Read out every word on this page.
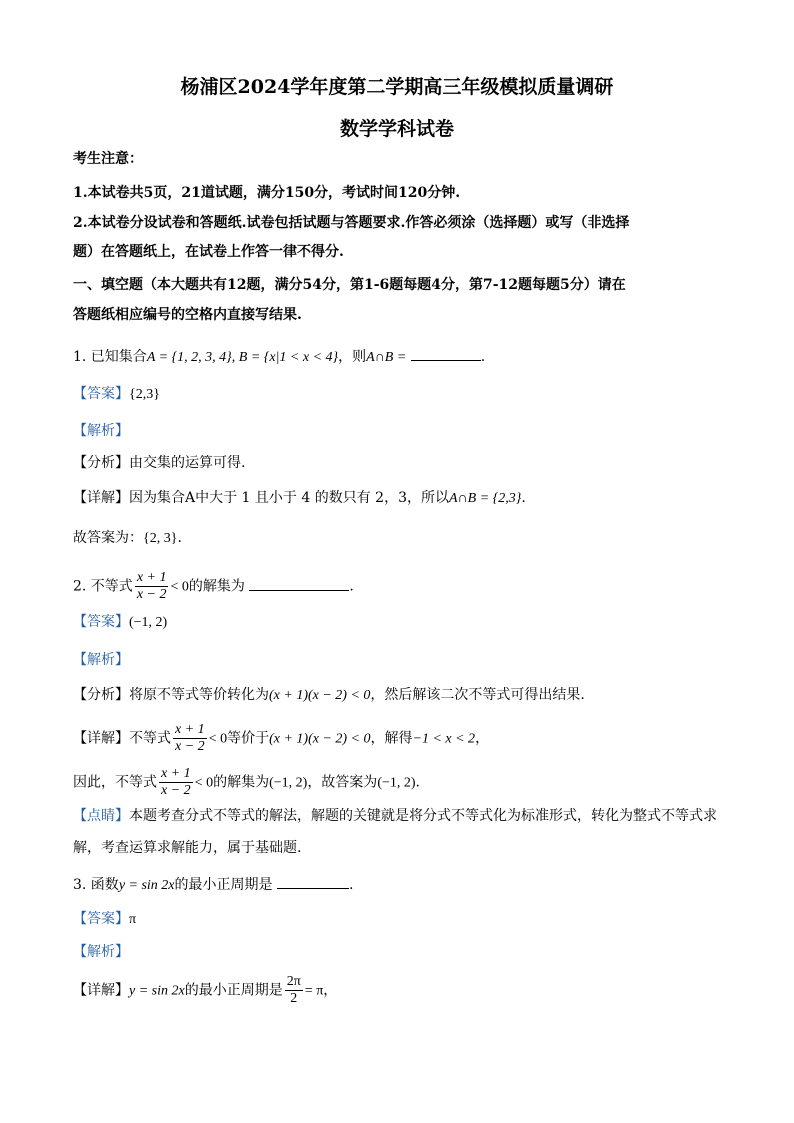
杨浦区2024学年度第二学期高三年级模拟质量调研
数学学科试卷
考生注意：
1.本试卷共5页，21道试题，满分150分，考试时间120分钟.
2.本试卷分设试卷和答题纸.试卷包括试题与答题要求.作答必须涂（选择题）或写（非选择
题）在答题纸上，在试卷上作答一律不得分.
一、填空题（本大题共有12题，满分54分，第1-6题每题4分，第7-12题每题5分）请在
答题纸相应编号的空格内直接写结果.
1. 已知集合A = {1, 2, 3, 4}, B = {x|1 < x < 4}，则A∩B =	.
【答案】{2,3}
【解析】
【分析】由交集的运算可得.
【详解】因为集合A中大于 1 且小于 4 的数只有 2，3，所以A∩B = {2,3}.
故答案为：{2, 3}.
2. 不等式 $\frac{x + 1}{x - 2} < 0$的解集为	.
【答案】(−1, 2)
【解析】
【分析】将原不等式等价转化为(x + 1)(x − 2) < 0，然后解该二次不等式可得出结果.
【详解】不等式 $\frac{x + 1}{x - 2} < 0$等价于(x + 1)(x − 2) < 0，解得−1 < x < 2，
因此，不等式 $\frac{x + 1}{x - 2} < 0$的解集为(−1, 2)，故答案为(−1, 2).
【点睛】本题考查分式不等式的解法，解题的关键就是将分式不等式化为标准形式，转化为整式不等式求
解，考查运算求解能力，属于基础题.
3. 函数y = sin 2x的最小正周期是	.
【答案】π
【解析】
【详解】y = sin 2x的最小正周期是 $\frac{2\pi}{2} = \pi$，
